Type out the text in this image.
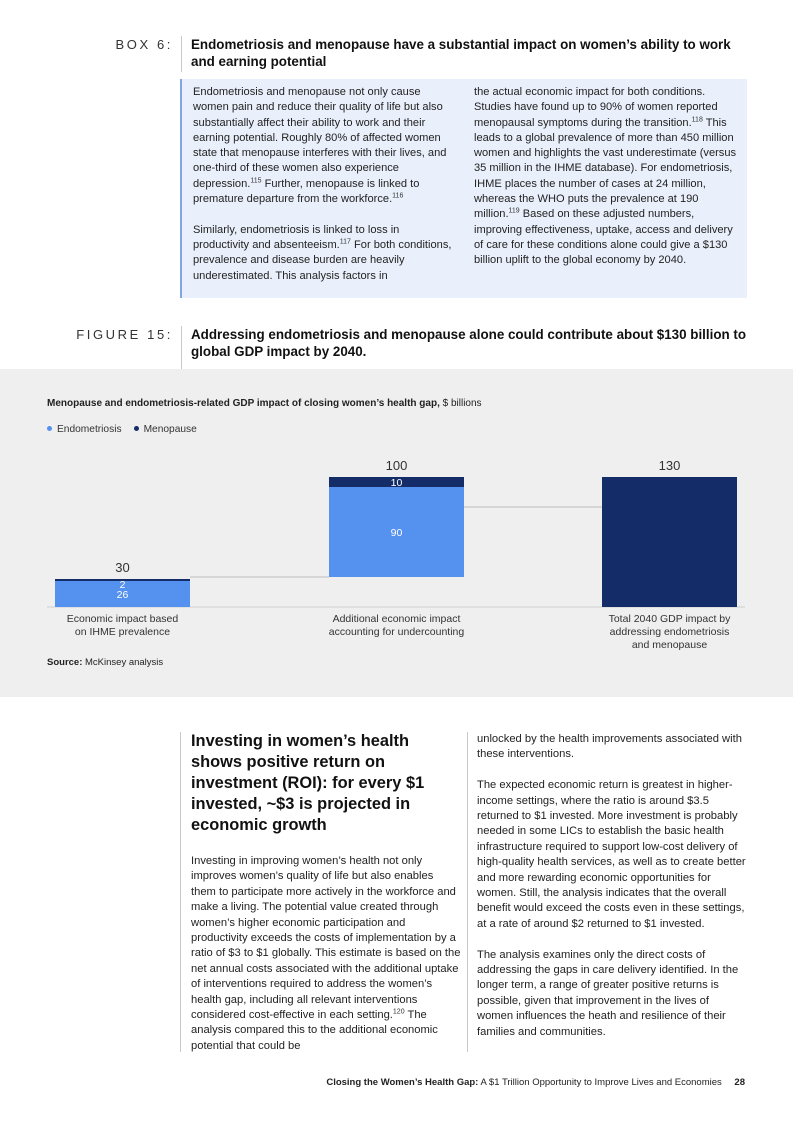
BOX 6: Endometriosis and menopause have a substantial impact on women’s ability to work and earning potential

Endometriosis and menopause not only cause women pain and reduce their quality of life but also substantially affect their ability to work and their earning potential. Roughly 80% of affected women state that menopause interferes with their lives, and one-third of these women also experience depression.$^{115}$ Further, menopause is linked to premature departure from the workforce.$^{116}$

Similarly, endometriosis is linked to loss in productivity and absenteeism.$^{117}$ For both conditions, prevalence and disease burden are heavily underestimated. This analysis factors in

the actual economic impact for both conditions. Studies have found up to 90% of women reported menopausal symptoms during the transition.$^{118}$ This leads to a global prevalence of more than 450 million women and highlights the vast underestimate (versus 35 million in the IHME database). For endometriosis, IHME places the number of cases at 24 million, whereas the WHO puts the prevalence at 190 million.$^{119}$ Based on these adjusted numbers, improving effectiveness, uptake, access and delivery of care for these conditions alone could give a $130 billion uplift to the global economy by 2040.

FIGURE 15: Addressing endometriosis and menopause alone could contribute about $130 billion to global GDP impact by 2040.
Menopause and endometriosis-related GDP impact of closing women’s health gap, $ billions
Endometriosis	Menopause
26
2
30
Economic impact based
on IHME prevalence
90
10
100
Additional economic impact
accounting for undercounting
130
Total 2040 GDP impact by
addressing endometriosis
and menopause
Source: McKinsey analysis
Investing in women’s health shows positive return on investment (ROI): for every $1 invested, ~$3 is projected in economic growth

Investing in improving women’s health not only improves women’s quality of life but also enables them to participate more actively in the workforce and make a living. The potential value created through women’s higher economic participation and productivity exceeds the costs of implementation by a ratio of $3 to $1 globally. This estimate is based on the net annual costs associated with the additional uptake of interventions required to address the women’s health gap, including all relevant interventions considered cost-effective in each setting.$^{120}$ The analysis compared this to the additional economic potential that could be

unlocked by the health improvements associated with these interventions.

The expected economic return is greatest in higher-income settings, where the ratio is around $3.5 returned to $1 invested. More investment is probably needed in some LICs to establish the basic health infrastructure required to support low-cost delivery of high-quality health services, as well as to create better and more rewarding economic opportunities for women. Still, the analysis indicates that the overall benefit would exceed the costs even in these settings, at a rate of around $2 returned to $1 invested.

The analysis examines only the direct costs of addressing the gaps in care delivery identified. In the longer term, a range of greater positive returns is possible, given that improvement in the lives of women influences the heath and resilience of their families and communities.

Closing the Women’s Health Gap: A $1 Trillion Opportunity to Improve Lives and Economies 28
